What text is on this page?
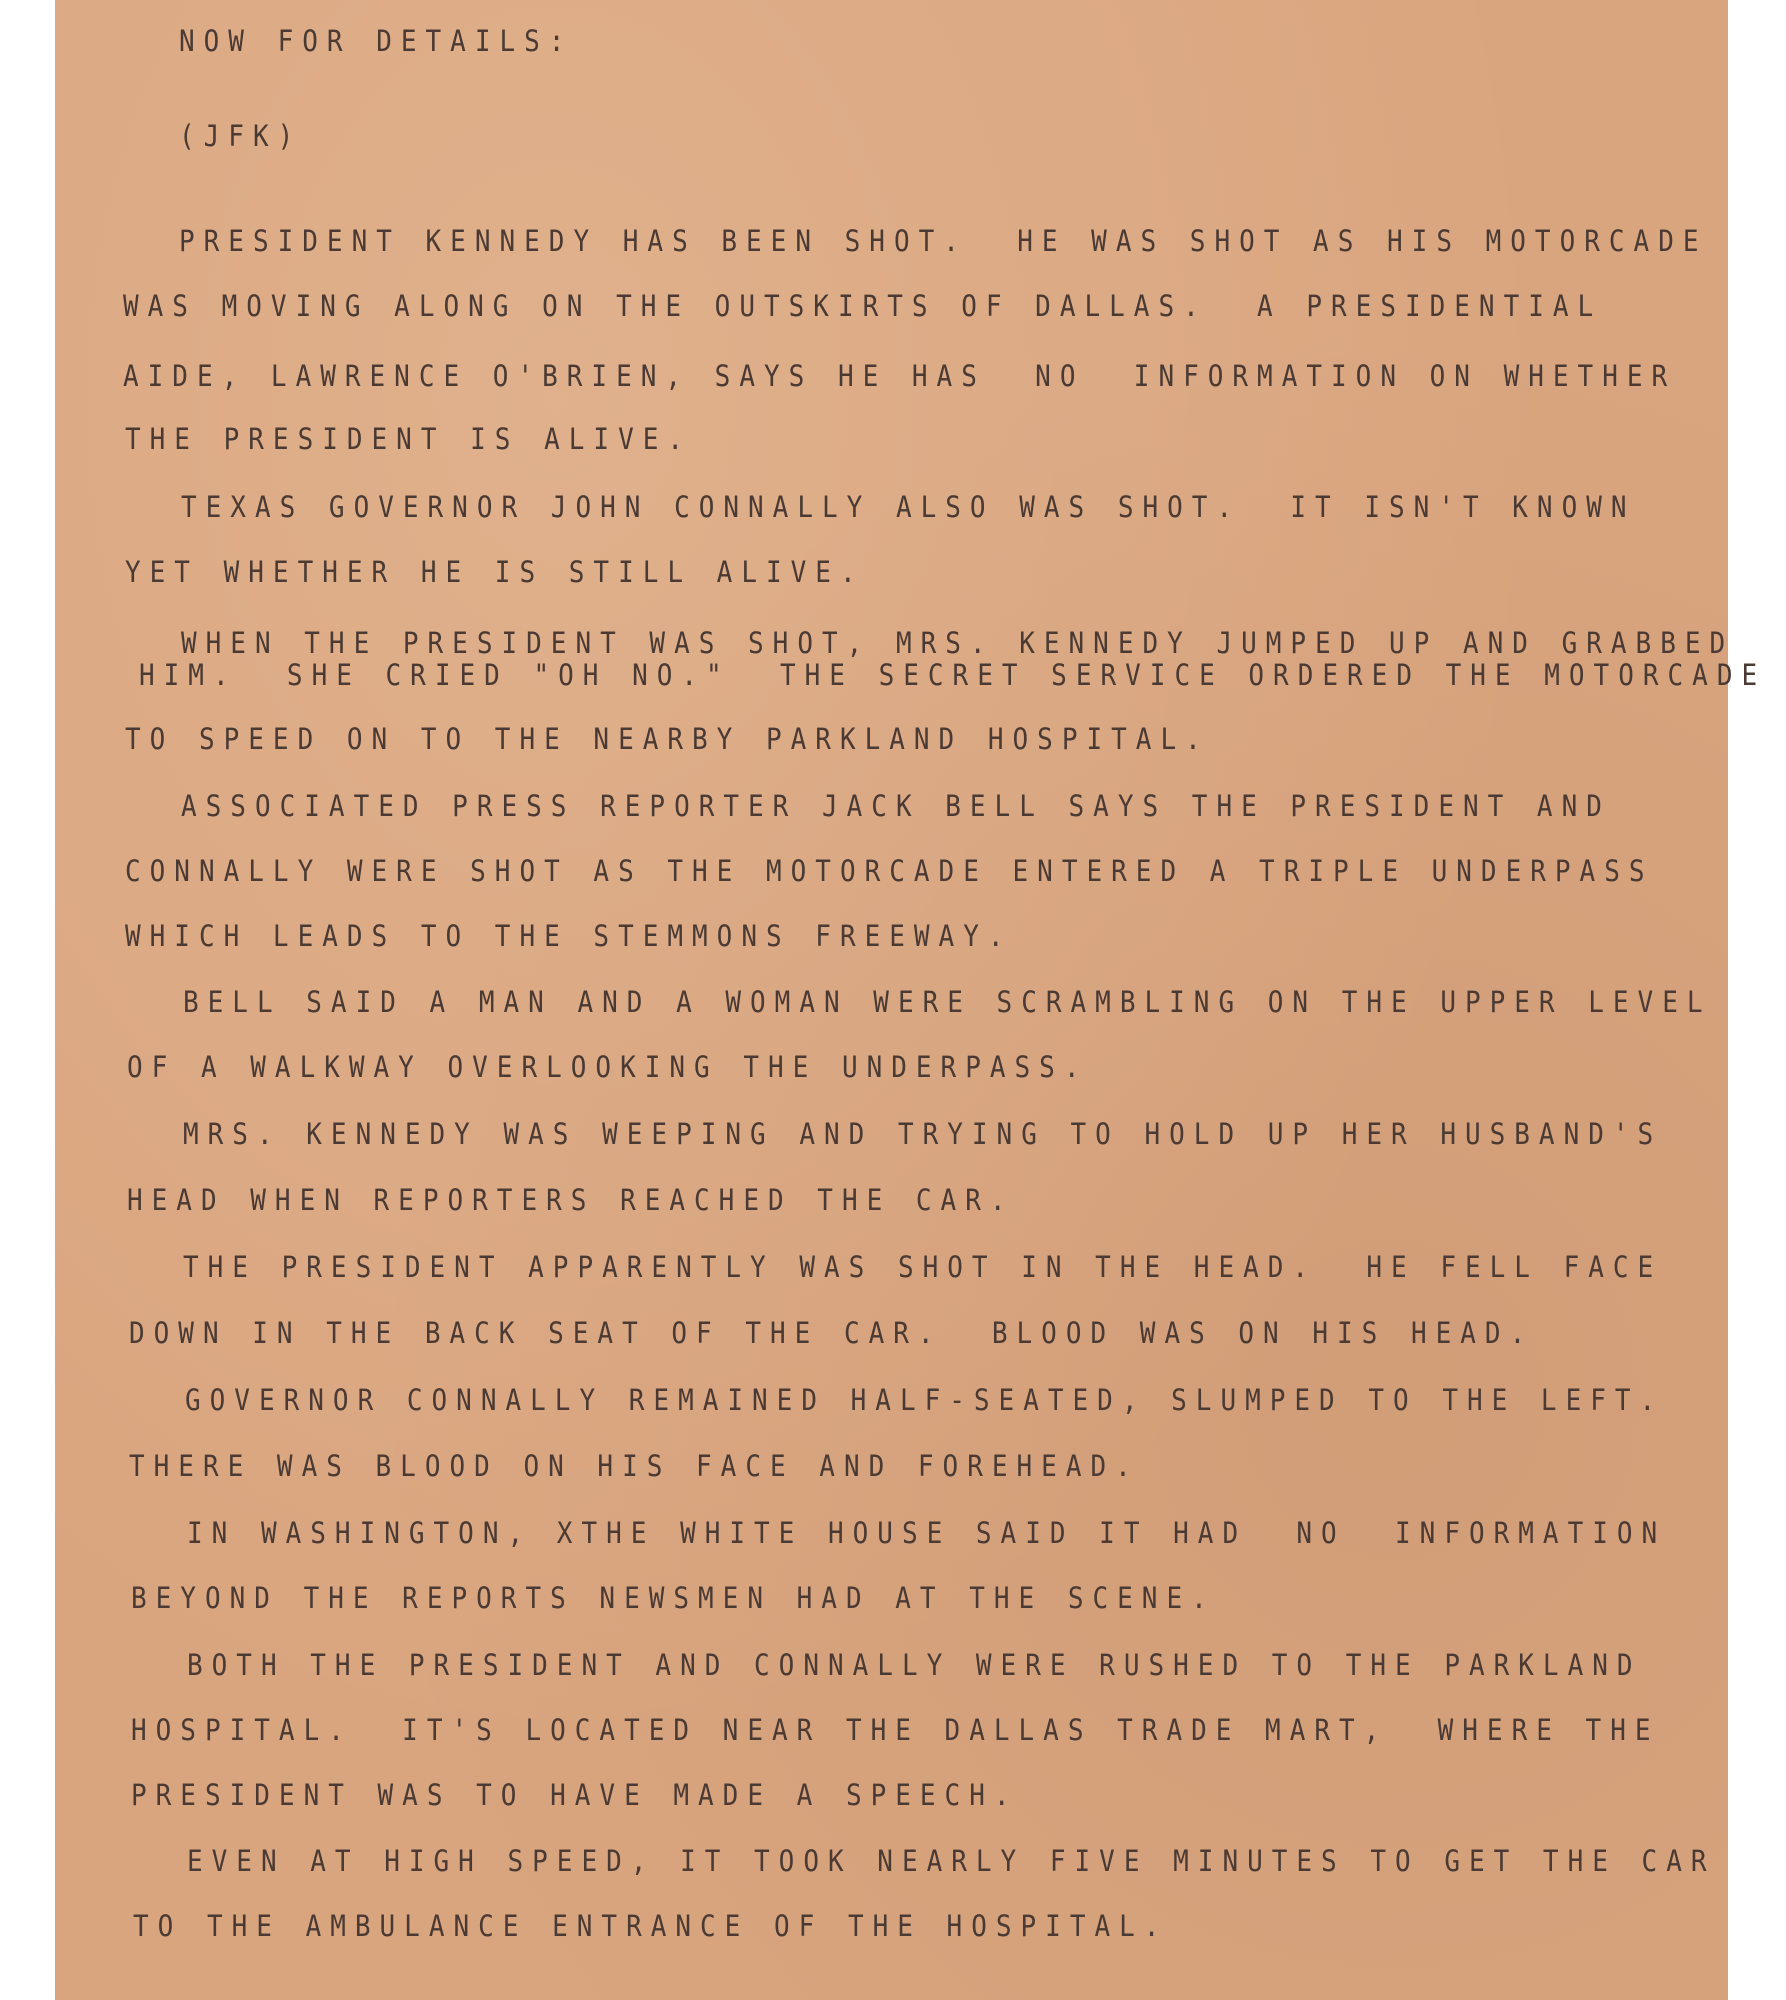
NOW FOR DETAILS:
(JFK)
PRESIDENT KENNEDY HAS BEEN SHOT.  HE WAS SHOT AS HIS MOTORCADE
WAS MOVING ALONG ON THE OUTSKIRTS OF DALLAS.  A PRESIDENTIAL
AIDE, LAWRENCE O'BRIEN, SAYS HE HAS  NO  INFORMATION ON WHETHER
THE PRESIDENT IS ALIVE.
TEXAS GOVERNOR JOHN CONNALLY ALSO WAS SHOT.  IT ISN'T KNOWN
YET WHETHER HE IS STILL ALIVE.
WHEN THE PRESIDENT WAS SHOT, MRS. KENNEDY JUMPED UP AND GRABBED
HIM.  SHE CRIED "OH NO."  THE SECRET SERVICE ORDERED THE MOTORCADE
TO SPEED ON TO THE NEARBY PARKLAND HOSPITAL.
ASSOCIATED PRESS REPORTER JACK BELL SAYS THE PRESIDENT AND
CONNALLY WERE SHOT AS THE MOTORCADE ENTERED A TRIPLE UNDERPASS
WHICH LEADS TO THE STEMMONS FREEWAY.
BELL SAID A MAN AND A WOMAN WERE SCRAMBLING ON THE UPPER LEVEL
OF A WALKWAY OVERLOOKING THE UNDERPASS.
MRS. KENNEDY WAS WEEPING AND TRYING TO HOLD UP HER HUSBAND'S
HEAD WHEN REPORTERS REACHED THE CAR.
THE PRESIDENT APPARENTLY WAS SHOT IN THE HEAD.  HE FELL FACE
DOWN IN THE BACK SEAT OF THE CAR.  BLOOD WAS ON HIS HEAD.
GOVERNOR CONNALLY REMAINED HALF-SEATED, SLUMPED TO THE LEFT.
THERE WAS BLOOD ON HIS FACE AND FOREHEAD.
IN WASHINGTON, XTHE WHITE HOUSE SAID IT HAD  NO  INFORMATION
BEYOND THE REPORTS NEWSMEN HAD AT THE SCENE.
BOTH THE PRESIDENT AND CONNALLY WERE RUSHED TO THE PARKLAND
HOSPITAL.  IT'S LOCATED NEAR THE DALLAS TRADE MART,  WHERE THE
PRESIDENT WAS TO HAVE MADE A SPEECH.
EVEN AT HIGH SPEED, IT TOOK NEARLY FIVE MINUTES TO GET THE CAR
TO THE AMBULANCE ENTRANCE OF THE HOSPITAL.
